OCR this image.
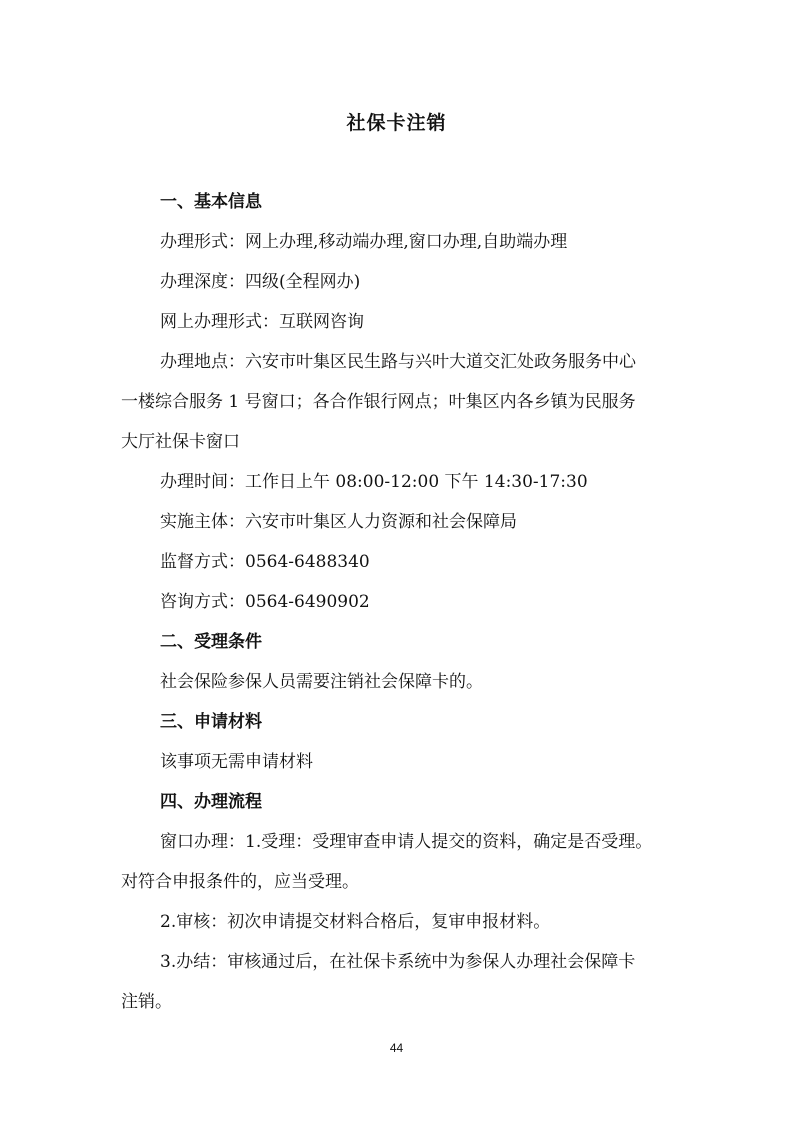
社保卡注销
一、基本信息
办理形式：网上办理,移动端办理,窗口办理,自助端办理
办理深度：四级(全程网办)
网上办理形式：互联网咨询
办理地点：六安市叶集区民生路与兴叶大道交汇处政务服务中心
一楼综合服务 1 号窗口；各合作银行网点；叶集区内各乡镇为民服务
大厅社保卡窗口
办理时间：工作日上午 08:00-12:00 下午 14:30-17:30
实施主体：六安市叶集区人力资源和社会保障局
监督方式：0564-6488340
咨询方式：0564-6490902
二、受理条件
社会保险参保人员需要注销社会保障卡的。
三、申请材料
该事项无需申请材料
四、办理流程
窗口办理：1.受理：受理审查申请人提交的资料，确定是否受理。
对符合申报条件的，应当受理。
2.审核：初次申请提交材料合格后，复审申报材料。
3.办结：审核通过后，在社保卡系统中为参保人办理社会保障卡
注销。
44
